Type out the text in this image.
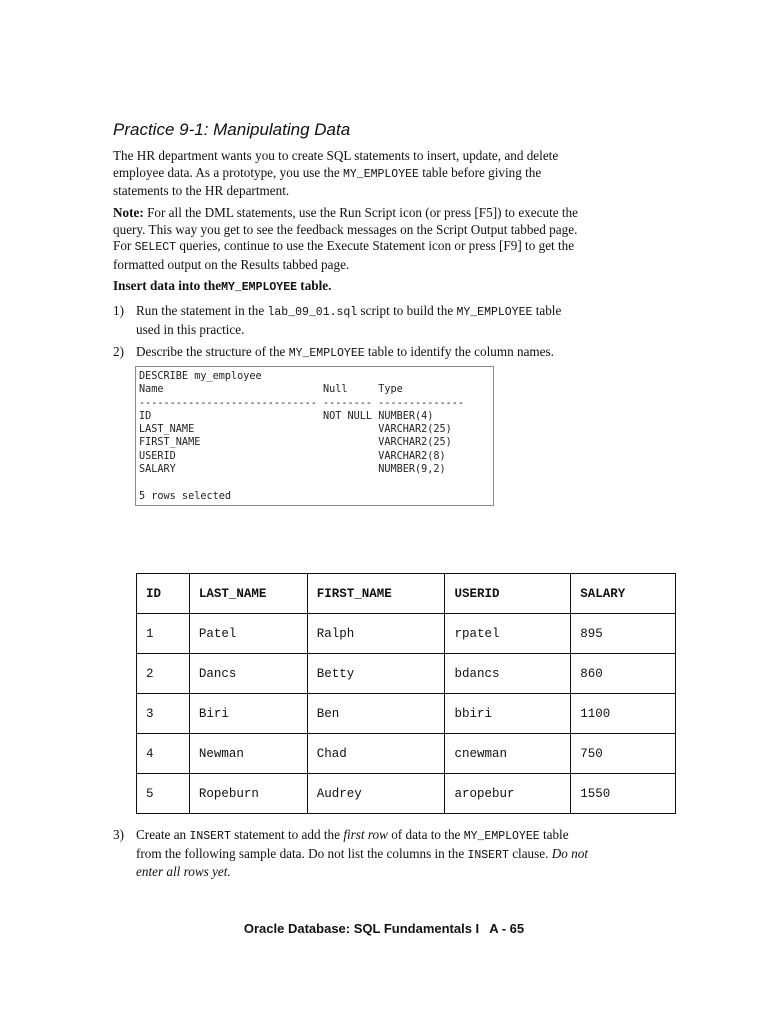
Practice 9-1: Manipulating Data

The HR department wants you to create SQL statements to insert, update, and delete
employee data. As a prototype, you use the MY_EMPLOYEE table before giving the
statements to the HR department.

Note: For all the DML statements, use the Run Script icon (or press [F5]) to execute the
query. This way you get to see the feedback messages on the Script Output tabbed page.
For SELECT queries, continue to use the Execute Statement icon or press [F9] to get the
formatted output on the Results tabbed page.

Insert data into theMY_EMPLOYEE table.

1) Run the statement in the lab_09_01.sql script to build the MY_EMPLOYEE table
used in this practice.
2) Describe the structure of the MY_EMPLOYEE table to identify the column names.
DESCRIBE my_employee
Name                          Null     Type
----------------------------- -------- --------------
ID                            NOT NULL NUMBER(4)
LAST_NAME                              VARCHAR2(25)
FIRST_NAME                             VARCHAR2(25)
USERID                                 VARCHAR2(8)
SALARY                                 NUMBER(9,2)
5 rows selected
ID	LAST_NAME	FIRST_NAME	USERID	SALARY
1	Patel	Ralph	rpatel	895
2	Dancs	Betty	bdancs	860
3	Biri	Ben	bbiri	1100
4	Newman	Chad	cnewman	750
5	Ropeburn	Audrey	aropebur	1550
3) Create an INSERT statement to add the first row of data to the MY_EMPLOYEE table
from the following sample data. Do not list the columns in the INSERT clause. Do not
enter all rows yet.
Oracle Database: SQL Fundamentals I A - 65
